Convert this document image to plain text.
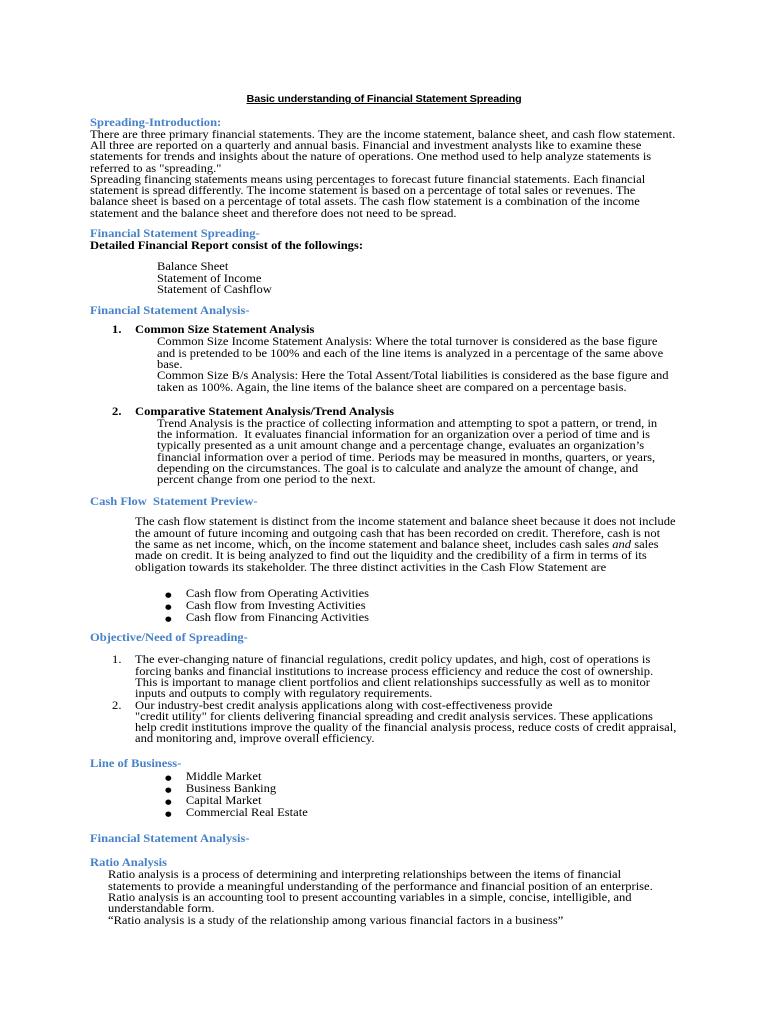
Basic understanding of Financial Statement Spreading
Spreading-Introduction:
There are three primary financial statements. They are the income statement, balance sheet, and cash flow statement.
All three are reported on a quarterly and annual basis. Financial and investment analysts like to examine these
statements for trends and insights about the nature of operations. One method used to help analyze statements is
referred to as "spreading."
Spreading financing statements means using percentages to forecast future financial statements. Each financial
statement is spread differently. The income statement is based on a percentage of total sales or revenues. The
balance sheet is based on a percentage of total assets. The cash flow statement is a combination of the income
statement and the balance sheet and therefore does not need to be spread.
Financial Statement Spreading-
Detailed Financial Report consist of the followings:
Balance Sheet
Statement of Income
Statement of Cashflow
Financial Statement Analysis-
1. Common Size Statement Analysis
Common Size Income Statement Analysis: Where the total turnover is considered as the base figure
and is pretended to be 100% and each of the line items is analyzed in a percentage of the same above
base.
Common Size B/s Analysis: Here the Total Assent/Total liabilities is considered as the base figure and
taken as 100%. Again, the line items of the balance sheet are compared on a percentage basis.
2. Comparative Statement Analysis/Trend Analysis
Trend Analysis is the practice of collecting information and attempting to spot a pattern, or trend, in
the information.  It evaluates financial information for an organization over a period of time and is
typically presented as a unit amount change and a percentage change, evaluates an organization’s
financial information over a period of time. Periods may be measured in months, quarters, or years,
depending on the circumstances. The goal is to calculate and analyze the amount of change, and
percent change from one period to the next.
Cash Flow  Statement Preview-
The cash flow statement is distinct from the income statement and balance sheet because it does not include
the amount of future incoming and outgoing cash that has been recorded on credit. Therefore, cash is not
the same as net income, which, on the income statement and balance sheet, includes cash sales and sales
made on credit. It is being analyzed to find out the liquidity and the credibility of a firm in terms of its
obligation towards its stakeholder. The three distinct activities in the Cash Flow Statement are
● Cash flow from Operating Activities
● Cash flow from Investing Activities
● Cash flow from Financing Activities
Objective/Need of Spreading-
1. The ever-changing nature of financial regulations, credit policy updates, and high, cost of operations is
forcing banks and financial institutions to increase process efficiency and reduce the cost of ownership.
This is important to manage client portfolios and client relationships successfully as well as to monitor
inputs and outputs to comply with regulatory requirements.
2. Our industry-best credit analysis applications along with cost-effectiveness provide
"credit utility" for clients delivering financial spreading and credit analysis services. These applications
help credit institutions improve the quality of the financial analysis process, reduce costs of credit appraisal,
and monitoring and, improve overall efficiency.
Line of Business-
● Middle Market
● Business Banking
● Capital Market
● Commercial Real Estate
Financial Statement Analysis-
Ratio Analysis
Ratio analysis is a process of determining and interpreting relationships between the items of financial
statements to provide a meaningful understanding of the performance and financial position of an enterprise.
Ratio analysis is an accounting tool to present accounting variables in a simple, concise, intelligible, and
understandable form.
“Ratio analysis is a study of the relationship among various financial factors in a business”
